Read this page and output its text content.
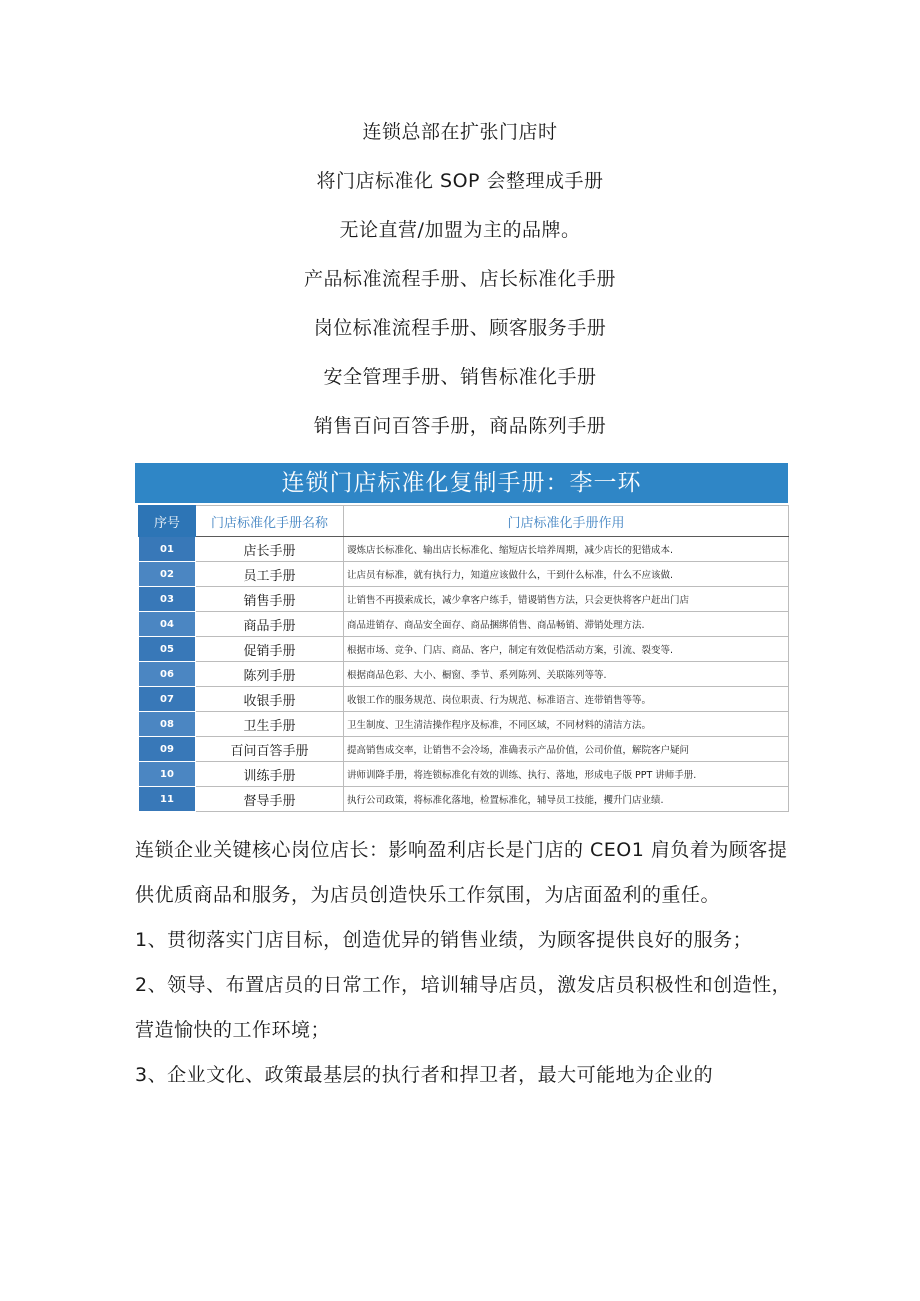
连锁总部在扩张门店时

将门店标准化 SOP 会整理成手册

无论直营/加盟为主的品牌。

产品标准流程手册、店长标准化手册

岗位标准流程手册、顾客服务手册

安全管理手册、销售标准化手册

销售百问百答手册，商品陈列手册

连锁门店标准化复制手册：李一环
序号	门店标准化手册名称	门店标准化手册作用
01	店长手册	谡炼店长标准化、输出店长标准化、缩短店长培养周期，减少店长的犯错成本.
02	员工手册	让店员有标准，就有执行力，知道应该做什么，干到什么标准，什么不应该做.
03	销售手册	让销售不再摸索成长，减少拿客户练手，错谡销售方法，只会更快将客户赶出门店
04	商品手册	商品进销存、商品安全面存、商品捆绑俏售、商品畅销、滞销处理方法.
05	促销手册	根据市场、竞争、门店、商品、客户，制定有效促梏活动方案，引流、裂变等.
06	陈列手册	根据商品色彩、大小、橱窗、季节、系列陈列、关联陈列等等.
07	收银手册	收银工作的服务规范、岗位职责、行为规范、标准语言、连带销售等等。
08	卫生手册	卫生制度、卫生清洁操作程序及标准，不同区域，不同材料的清洁方法。
09	百问百答手册	提高销售成交率，让销售不会冷场，准确表示产品价值，公司价值，解院客户疑问
10	训练手册	讲师训降手册，将连锁标准化有效的训练、执行、落地，形成电子版 PPT 讲师手册.
11	督导手册	执行公司政策，将标准化落地，检置标准化，辅导员工技能，攫升门店业绩.

连锁企业关键核心岗位店长：影响盈利店长是门店的 CEO1 肩负着为顾客提供优质商品和服务，为店员创造快乐工作氛围，为店面盈利的重任。

1、贯彻落实门店目标，创造优异的销售业绩，为顾客提供良好的服务；

2、领导、布置店员的日常工作，培训辅导店员，激发店员积极性和创造性，营造愉快的工作环境；

3、企业文化、政策最基层的执行者和捍卫者，最大可能地为企业的
